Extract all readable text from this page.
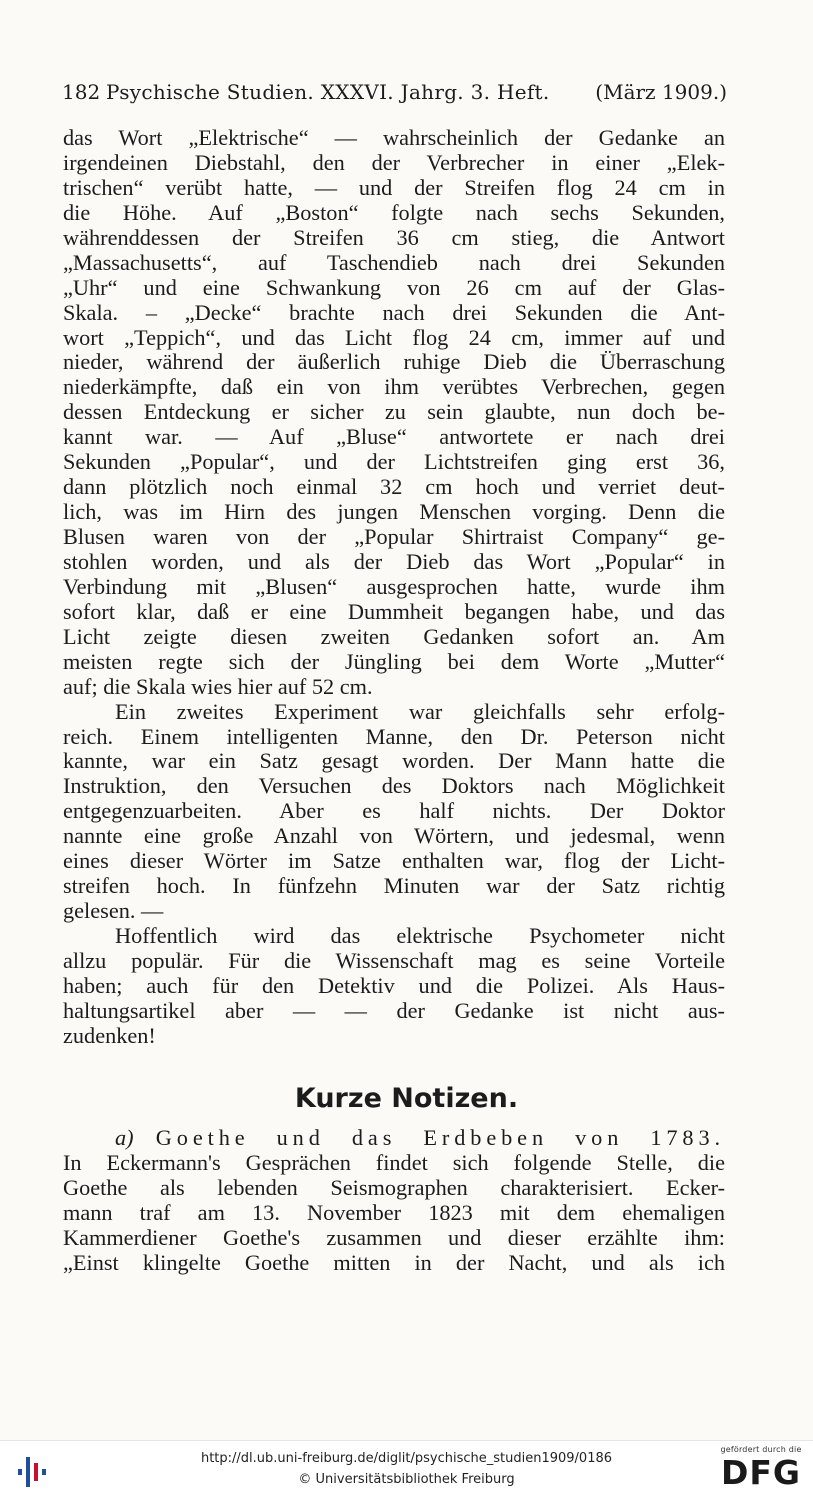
182 Psychische Studien. XXXVI. Jahrg. 3. Heft.	(März 1909.)
das Wort „Elektrische“ — wahrscheinlich der Gedanke an
irgendeinen Diebstahl, den der Verbrecher in einer „Elek-
trischen“ verübt hatte, — und der Streifen flog 24 cm in
die Höhe. Auf „Boston“ folgte nach sechs Sekunden,
währenddessen der Streifen 36 cm stieg, die Antwort
„Massachusetts“, auf Taschendieb nach drei Sekunden
„Uhr“ und eine Schwankung von 26 cm auf der Glas-
Skala. – „Decke“ brachte nach drei Sekunden die Ant-
wort „Teppich“, und das Licht flog 24 cm, immer auf und
nieder, während der äußerlich ruhige Dieb die Überraschung
niederkämpfte, daß ein von ihm verübtes Verbrechen, gegen
dessen Entdeckung er sicher zu sein glaubte, nun doch be-
kannt war. — Auf „Bluse“ antwortete er nach drei
Sekunden „Popular“, und der Lichtstreifen ging erst 36,
dann plötzlich noch einmal 32 cm hoch und verriet deut-
lich, was im Hirn des jungen Menschen vorging. Denn die
Blusen waren von der „Popular Shirtraist Company“ ge-
stohlen worden, und als der Dieb das Wort „Popular“ in
Verbindung mit „Blusen“ ausgesprochen hatte, wurde ihm
sofort klar, daß er eine Dummheit begangen habe, und das
Licht zeigte diesen zweiten Gedanken sofort an. Am
meisten regte sich der Jüngling bei dem Worte „Mutter“
auf; die Skala wies hier auf 52 cm.
Ein zweites Experiment war gleichfalls sehr erfolg-
reich. Einem intelligenten Manne, den Dr. Peterson nicht
kannte, war ein Satz gesagt worden. Der Mann hatte die
Instruktion, den Versuchen des Doktors nach Möglichkeit
entgegenzuarbeiten. Aber es half nichts. Der Doktor
nannte eine große Anzahl von Wörtern, und jedesmal, wenn
eines dieser Wörter im Satze enthalten war, flog der Licht-
streifen hoch. In fünfzehn Minuten war der Satz richtig
gelesen. —
Hoffentlich wird das elektrische Psychometer nicht
allzu populär. Für die Wissenschaft mag es seine Vorteile
haben; auch für den Detektiv und die Polizei. Als Haus-
haltungsartikel aber — — der Gedanke ist nicht aus-
zudenken!
Kurze Notizen.
a) Goethe und das Erdbeben von 1783.
In Eckermann's Gesprächen findet sich folgende Stelle, die
Goethe als lebenden Seismographen charakterisiert. Ecker-
mann traf am 13. November 1823 mit dem ehemaligen
Kammerdiener Goethe's zusammen und dieser erzählte ihm:
„Einst klingelte Goethe mitten in der Nacht, und als ich
http://dl.ub.uni-freiburg.de/diglit/psychische_studien1909/0186
© Universitätsbibliothek Freiburg
gefördert durch die
DFG
